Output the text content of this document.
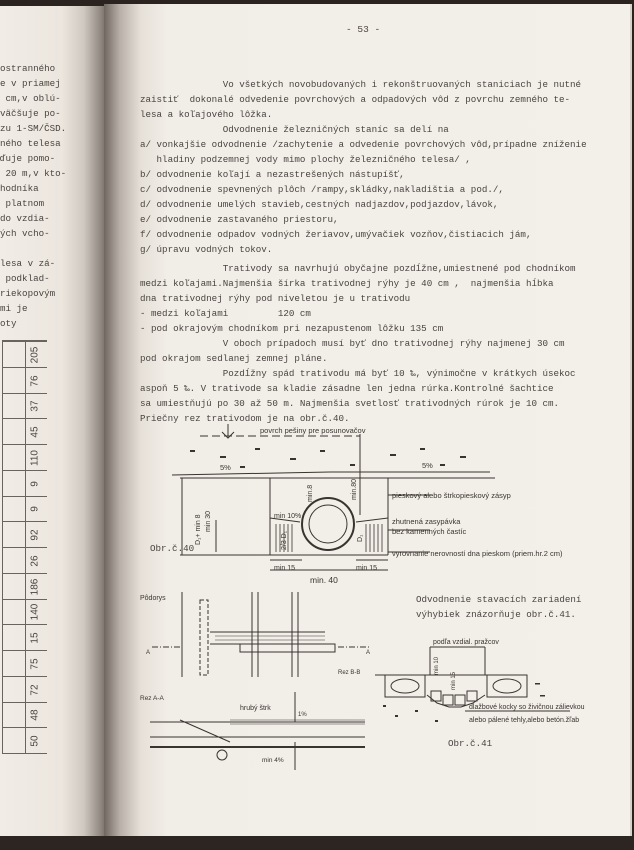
ostranného
e v priamej
cm,v oblú-
väčšuje po-
zu 1-SM/ČSD.
ného telesa
ďuje pomo-
20 m,v kto-
hodníka
platnom
do vzdia-
ých vcho-
lesa v zá-
podklad-
riekopovým
mi je
oty
205
76
37
45
110
9
9
92
26
186
140
15
75
72
48
50
- 53 -
Vo všetkých novobudovaných i rekonštruovaných staniciach je nutné
zaistiť  dokonalé odvedenie povrchových a odpadových vôd z povrchu zemného te-
lesa a koľajového lôžka.
Odvodnenie železničných staníc sa delí na
a/ vonkajšie odvodnenie /zachytenie a odvedenie povrchových vôd,prípadne zníženie
hladiny podzemnej vody mimo plochy železničného telesa/ ,
b/ odvodnenie koľají a nezastrešených nástupíšť,
c/ odvodnenie spevnených plôch /rampy,skládky,nakladištia a pod./,
d/ odvodnenie umelých stavieb,cestných nadjazdov,podjazdov,lávok,
e/ odvodnenie zastavaného priestoru,
f/ odvodnenie odpadov vodných žeriavov,umývačiek vozňov,čistiacich jám,
g/ úpravu vodných tokov.
Trativody sa navrhujú obyčajne pozdĺžne,umiestnené pod chodníkom
medzi koľajami.Najmenšia šírka trativodnej rýhy je 40 cm ,  najmenšia hĺbka
dna trativodnej rýhy pod niveletou je u trativodu
- medzi koľajami         120 cm
- pod okrajovým chodníkom pri nezapustenom lôžku 135 cm
V oboch prípadoch musí byť dno trativodnej rýhy najmenej 30 cm
pod okrajom sedlanej zemnej pláne.
Pozdĺžny spád trativodu má byť 10 ‰, výnimočne v krátkych úsekoc
aspoň 5 ‰. V trativode sa kladie zásadne len jedna rúrka.Kontrolné šachtice
sa umiestňujú po 30 až 50 m. Najmenšia svetlosť trativodných rúrok je 10 cm.
Priečny rez trativodom je na obr.č.40.
povrch pešiny pre posunovačov
5%	5%
pieskový alebo štrkopieskový zásyp
zhutnená zasypávka
bez kamenných častíc
vyrovnanie nerovností dna pieskom (priem.hr.2 cm)
min 10%
min 15	min 15
min. 40
min.8	min.80
D₁+ min 8 min 30
2/3 D₁	D₁
Obr.č.40
Pôdorys
A	A
Rez B-B
Rez A-A
hrubý štrk
1%
min 4%
Odvodnenie stavacích zariadení
výhybiek znázorňuje obr.č.41.
podľa vzdial. pražcov
min 10
min 15
dlažbové kocky so živičnou zálievkou
alebo pálené tehly,alebo betón.žľab
Obr.č.41
